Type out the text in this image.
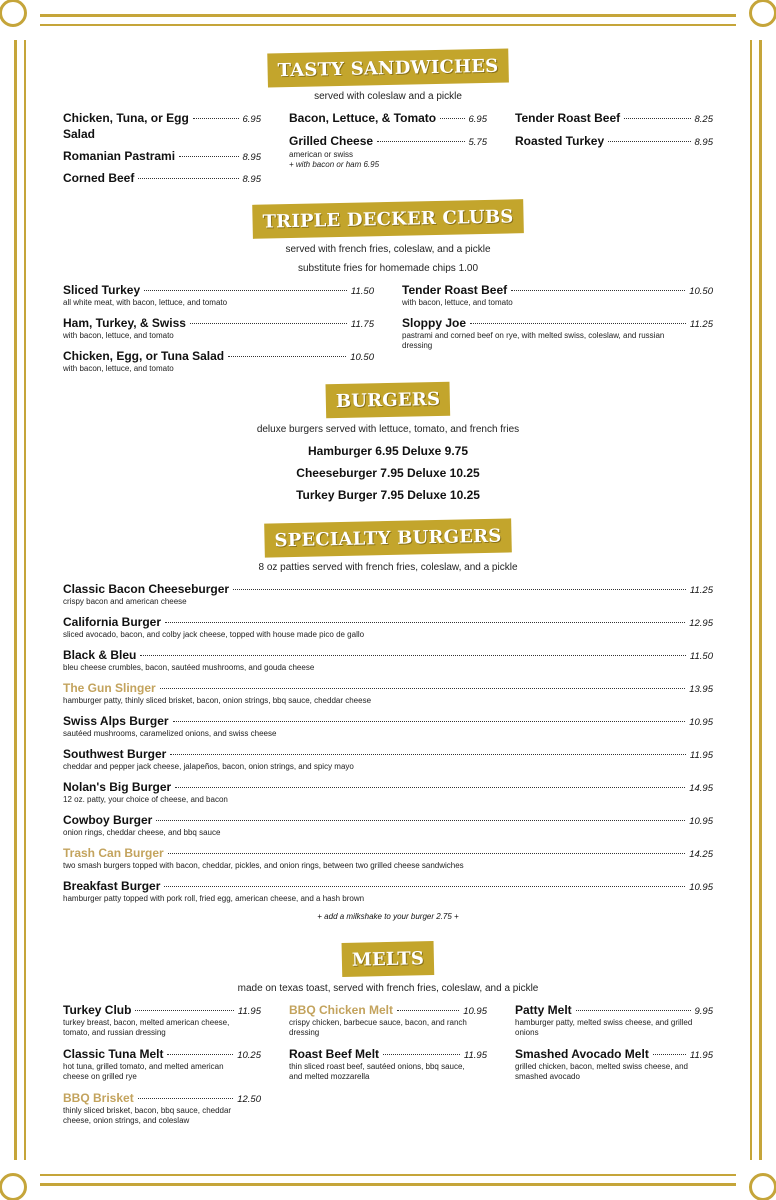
TASTY SANDWICHES
served with coleslaw and a pickle
Chicken, Tuna, or Egg	6.95
Salad
Romanian Pastrami	8.95
Corned Beef	8.95
Bacon, Lettuce, & Tomato	6.95
Grilled Cheese	5.75
american or swiss
+ with bacon or ham 6.95
Tender Roast Beef	8.25
Roasted Turkey	8.95
TRIPLE DECKER CLUBS
served with french fries, coleslaw, and a pickle
substitute fries for homemade chips 1.00
Sliced Turkey	11.50
all white meat, with bacon, lettuce, and tomato
Ham, Turkey, & Swiss	11.75
with bacon, lettuce, and tomato
Chicken, Egg, or Tuna Salad	10.50
with bacon, lettuce, and tomato
Tender Roast Beef	10.50
with bacon, lettuce, and tomato
Sloppy Joe	11.25
pastrami and corned beef on rye, with melted swiss, coleslaw, and russian
dressing
BURGERS
deluxe burgers served with lettuce, tomato, and french fries
Hamburger 6.95 Deluxe 9.75
Cheeseburger 7.95 Deluxe 10.25
Turkey Burger 7.95 Deluxe 10.25
SPECIALTY BURGERS
8 oz patties served with french fries, coleslaw, and a pickle
Classic Bacon Cheeseburger	11.25
crispy bacon and american cheese
California Burger	12.95
sliced avocado, bacon, and colby jack cheese, topped with house made pico de gallo
Black & Bleu	11.50
bleu cheese crumbles, bacon, sautéed mushrooms, and gouda cheese
The Gun Slinger	13.95
hamburger patty, thinly sliced brisket, bacon, onion strings, bbq sauce, cheddar cheese
Swiss Alps Burger	10.95
sautéed mushrooms, caramelized onions, and swiss cheese
Southwest Burger	11.95
cheddar and pepper jack cheese, jalapeños, bacon, onion strings, and spicy mayo
Nolan's Big Burger	14.95
12 oz. patty, your choice of cheese, and bacon
Cowboy Burger	10.95
onion rings, cheddar cheese, and bbq sauce
Trash Can Burger	14.25
two smash burgers topped with bacon, cheddar, pickles, and onion rings, between two grilled cheese sandwiches
Breakfast Burger	10.95
hamburger patty topped with pork roll, fried egg, american cheese, and a hash brown
+ add a milkshake to your burger 2.75 +
MELTS
made on texas toast, served with french fries, coleslaw, and a pickle
Turkey Club	11.95
turkey breast, bacon, melted american cheese,
tomato, and russian dressing
Classic Tuna Melt	10.25
hot tuna, grilled tomato, and melted american
cheese on grilled rye
BBQ Brisket	12.50
thinly sliced brisket, bacon, bbq sauce, cheddar
cheese, onion strings, and coleslaw
BBQ Chicken Melt	10.95
crispy chicken, barbecue sauce, bacon, and ranch
dressing
Roast Beef Melt	11.95
thin sliced roast beef, sautéed onions, bbq sauce,
and melted mozzarella
Patty Melt	9.95
hamburger patty, melted swiss cheese, and grilled
onions
Smashed Avocado Melt	11.95
grilled chicken, bacon, melted swiss cheese, and
smashed avocado
